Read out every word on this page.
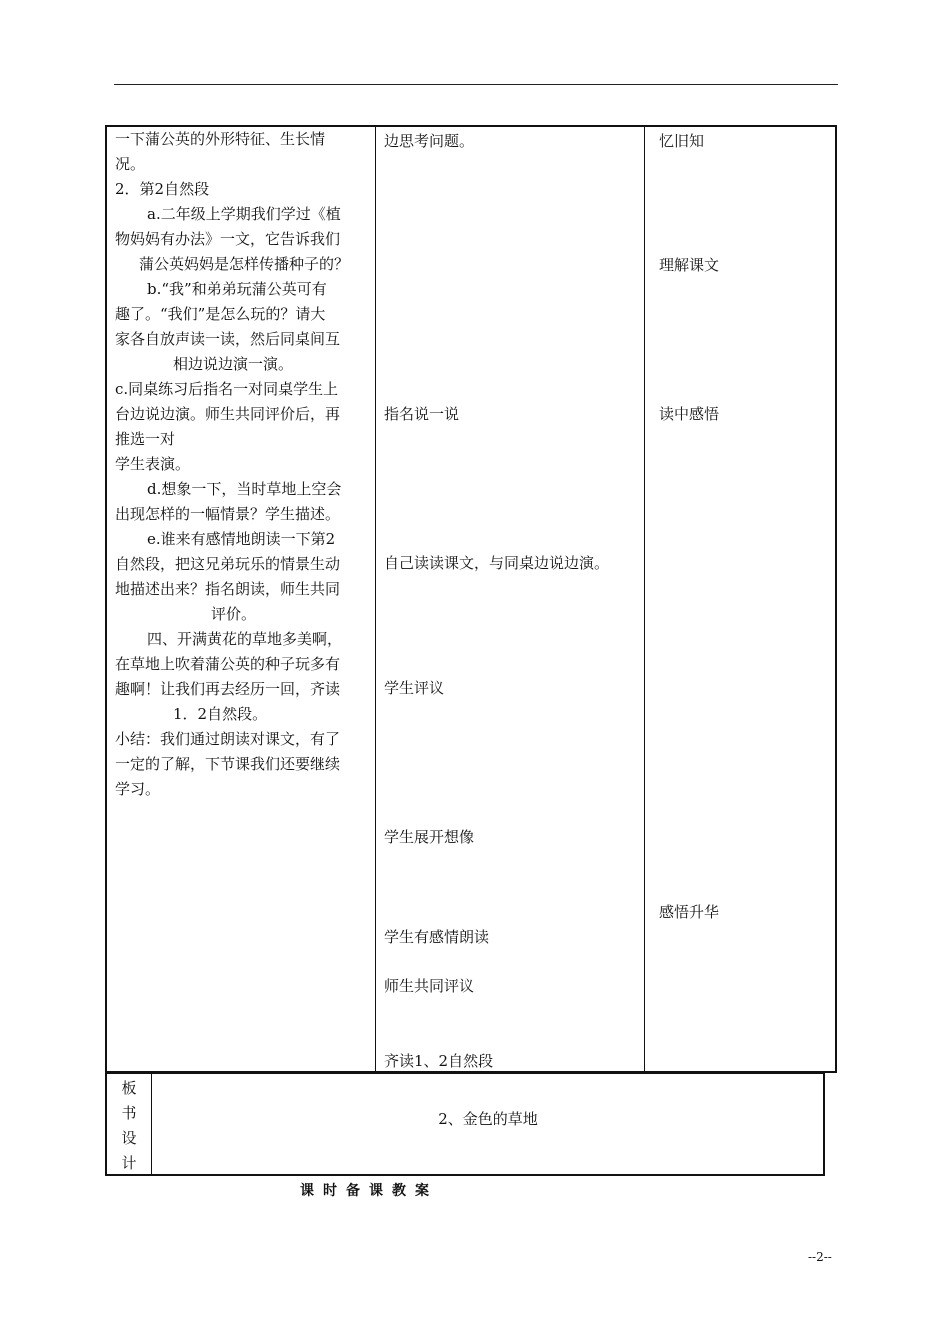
一下蒲公英的外形特征、生长情

况。

2．第2自然段

a.二年级上学期我们学过《植

物妈妈有办法》一文，它告诉我们

蒲公英妈妈是怎样传播种子的？

b.“我”和弟弟玩蒲公英可有

趣了。“我们”是怎么玩的？请大

家各自放声读一读，然后同桌间互

相边说边演一演。

c.同桌练习后指名一对同桌学生上

台边说边演。师生共同评价后，再

推选一对

学生表演。

d.想象一下，当时草地上空会

出现怎样的一幅情景？学生描述。

e.谁来有感情地朗读一下第2

自然段，把这兄弟玩乐的情景生动

地描述出来？指名朗读，师生共同

评价。

四、开满黄花的草地多美啊，

在草地上吹着蒲公英的种子玩多有

趣啊！让我们再去经历一回，齐读

1．2自然段。

小结：我们通过朗读对课文，有了

一定的了解，下节课我们还要继续

学习。

边思考问题。

指名说一说

自己读读课文，与同桌边说边演。

学生评议

学生展开想像

学生有感情朗读

师生共同评议

齐读1、2自然段

忆旧知

理解课文

读中感悟

感悟升华

板
书
设
计
2、金色的草地
课时备课教案
--2--
